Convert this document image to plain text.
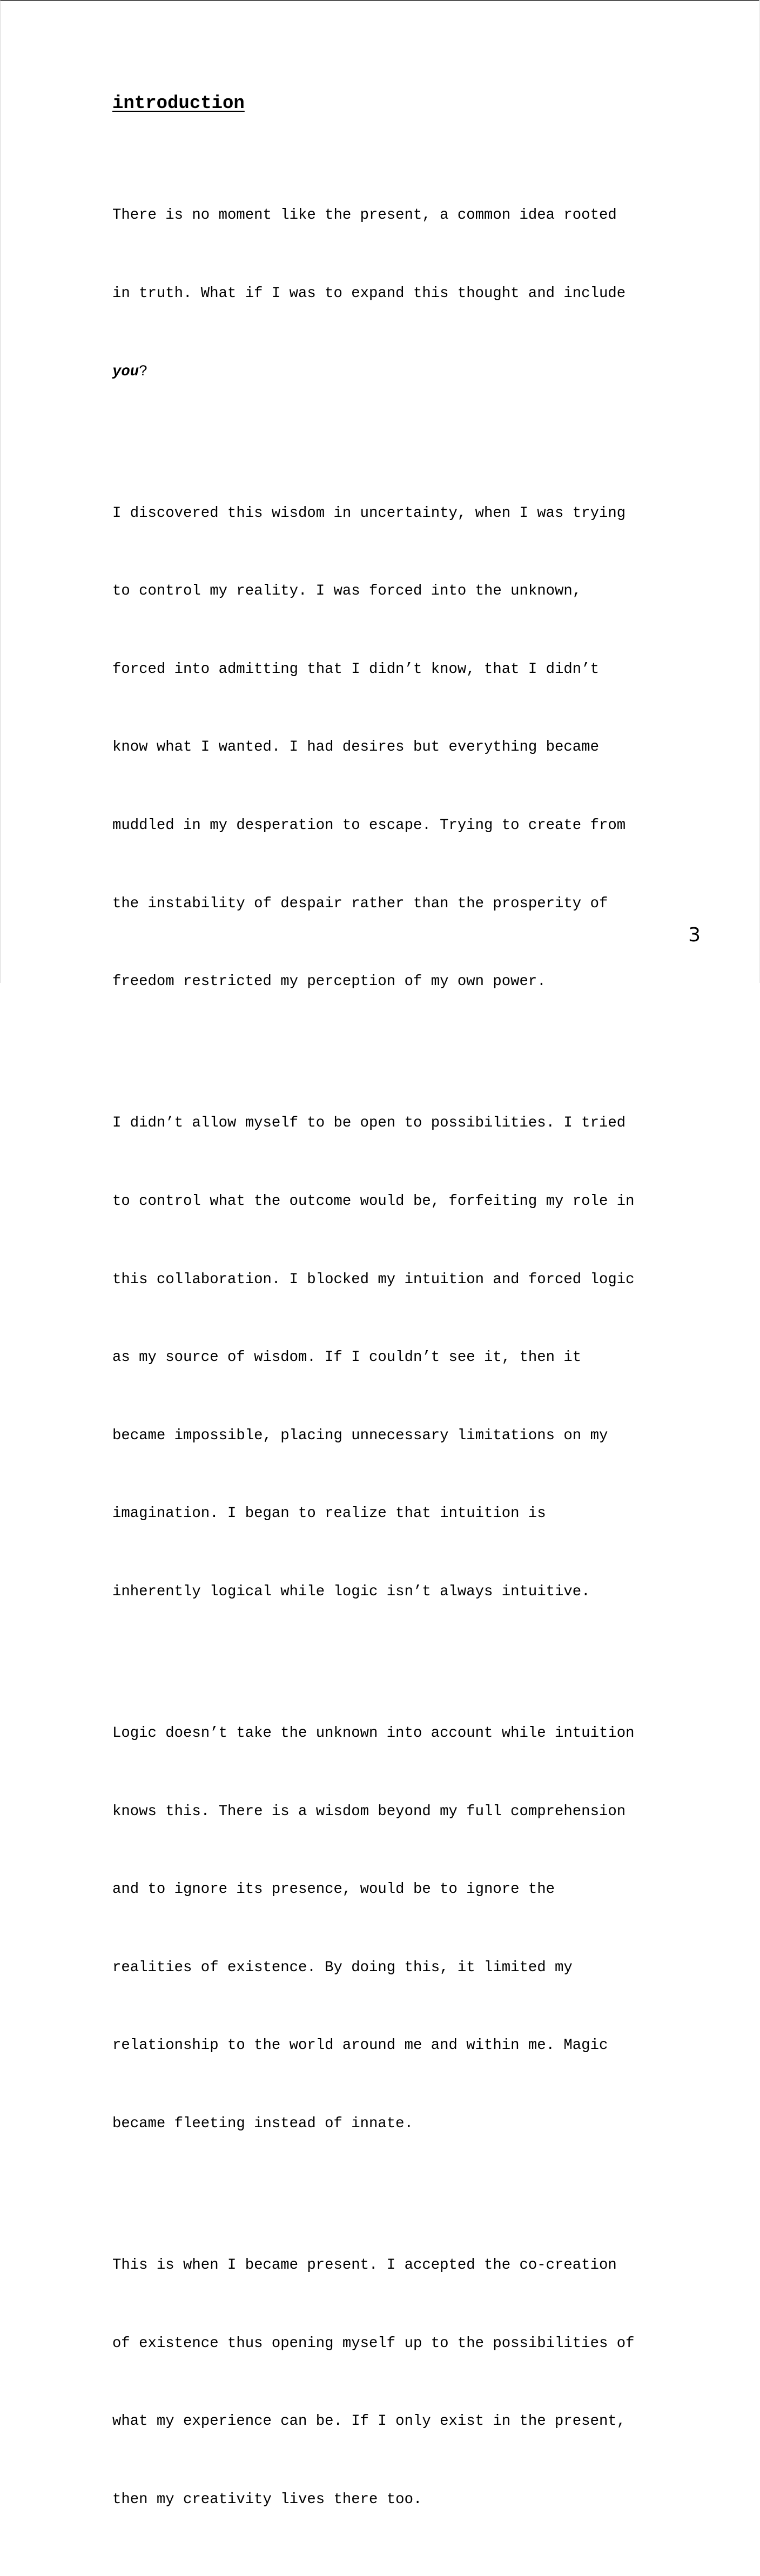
introduction

There is no moment like the present, a common idea rooted

in truth. What if I was to expand this thought and include

you?

I discovered this wisdom in uncertainty, when I was trying

to control my reality. I was forced into the unknown,

forced into admitting that I didn’t know, that I didn’t

know what I wanted. I had desires but everything became

muddled in my desperation to escape. Trying to create from

the instability of despair rather than the prosperity of

freedom restricted my perception of my own power.

I didn’t allow myself to be open to possibilities. I tried

to control what the outcome would be, forfeiting my role in

this collaboration. I blocked my intuition and forced logic

as my source of wisdom. If I couldn’t see it, then it

became impossible, placing unnecessary limitations on my

imagination. I began to realize that intuition is

inherently logical while logic isn’t always intuitive.

Logic doesn’t take the unknown into account while intuition

knows this. There is a wisdom beyond my full comprehension

and to ignore its presence, would be to ignore the

realities of existence. By doing this, it limited my

relationship to the world around me and within me. Magic

became fleeting instead of innate.

This is when I became present. I accepted the co-creation

of existence thus opening myself up to the possibilities of

what my experience can be. If I only exist in the present,

then my creativity lives there too.

3
